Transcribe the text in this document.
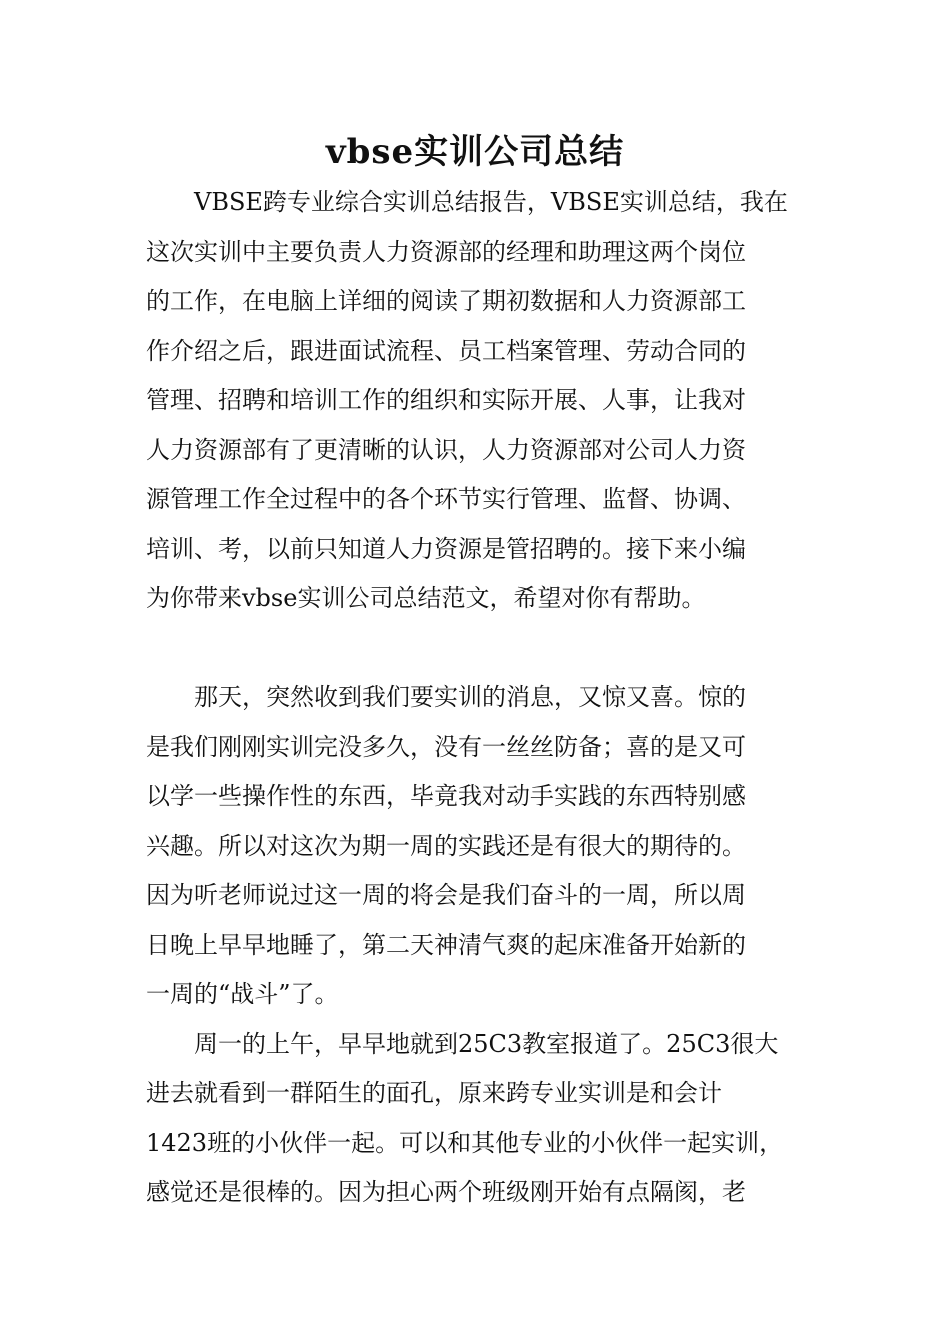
vbse实训公司总结
VBSE跨专业综合实训总结报告，VBSE实训总结，我在
这次实训中主要负责人力资源部的经理和助理这两个岗位
的工作，在电脑上详细的阅读了期初数据和人力资源部工
作介绍之后，跟进面试流程、员工档案管理、劳动合同的
管理、招聘和培训工作的组织和实际开展、人事，让我对
人力资源部有了更清晰的认识，人力资源部对公司人力资
源管理工作全过程中的各个环节实行管理、监督、协调、
培训、考，以前只知道人力资源是管招聘的。接下来小编
为你带来vbse实训公司总结范文，希望对你有帮助。
那天，突然收到我们要实训的消息，又惊又喜。惊的
是我们刚刚实训完没多久，没有一丝丝防备；喜的是又可
以学一些操作性的东西，毕竟我对动手实践的东西特别感
兴趣。所以对这次为期一周的实践还是有很大的期待的。
因为听老师说过这一周的将会是我们奋斗的一周，所以周
日晚上早早地睡了，第二天神清气爽的起床准备开始新的
一周的“战斗”了。
周一的上午，早早地就到25C3教室报道了。25C3很大
进去就看到一群陌生的面孔，原来跨专业实训是和会计
1423班的小伙伴一起。可以和其他专业的小伙伴一起实训，
感觉还是很棒的。因为担心两个班级刚开始有点隔阂，老
